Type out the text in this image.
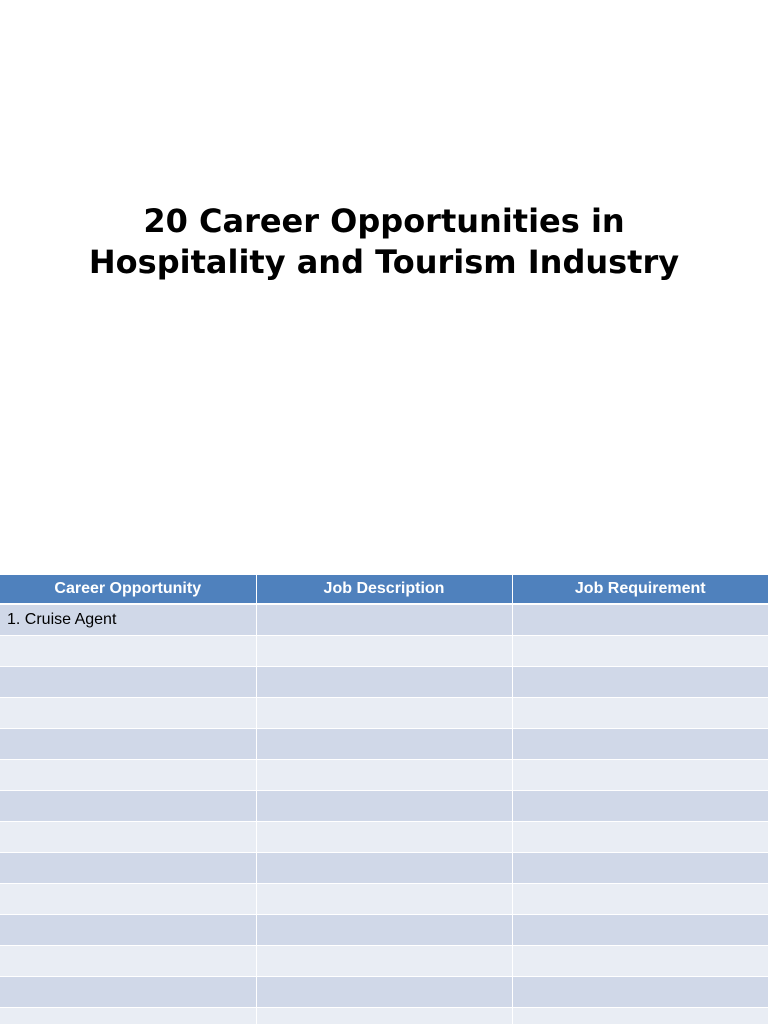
20 Career Opportunities in
Hospitality and Tourism Industry
Career Opportunity	Job Description	Job Requirement
1. Cruise Agent		
